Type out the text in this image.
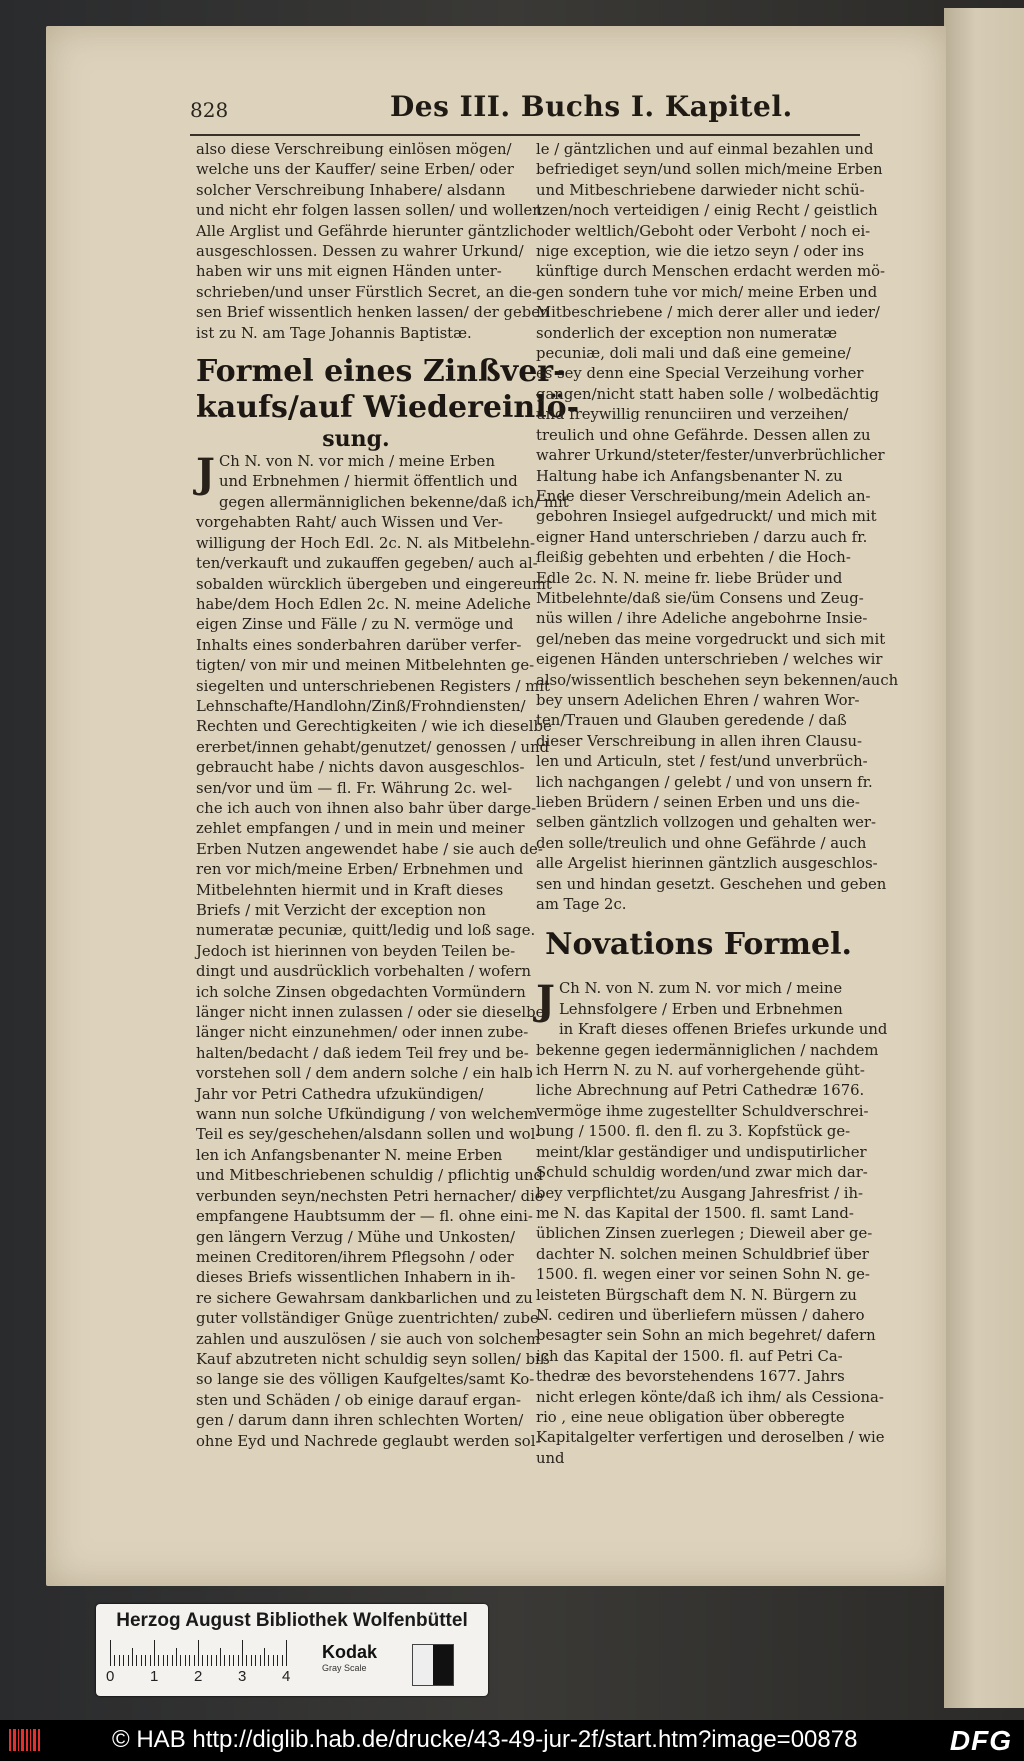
828	Des III. Buchs I. Kapitel.
also diese Verschreibung einlösen mögen/
welche uns der Kauffer/ seine Erben/ oder
solcher Verschreibung Inhabere/ alsdann
und nicht ehr folgen lassen sollen/ und wollen.
Alle Arglist und Gefährde hierunter gäntzlich
ausgeschlossen. Dessen zu wahrer Urkund/
haben wir uns mit eignen Händen unter-
schrieben/und unser Fürstlich Secret, an die-
sen Brief wissentlich henken lassen/ der geben
ist zu N. am Tage Johannis Baptistæ.
Formel eines Zinßver-
kaufs/auf Wiedereinlö-
sung.
J Ch N. von N. vor mich / meine Erben
und Erbnehmen / hiermit öffentlich und
gegen allermänniglichen bekenne/daß ich/ mit
vorgehabten Raht/ auch Wissen und Ver-
willigung der Hoch Edl. 2c. N. als Mitbelehn-
ten/verkauft und zukauffen gegeben/ auch al-
sobalden würcklich übergeben und eingereumt
habe/dem Hoch Edlen 2c. N. meine Adeliche
eigen Zinse und Fälle / zu N. vermöge und
Inhalts eines sonderbahren darüber verfer-
tigten/ von mir und meinen Mitbelehnten ge-
siegelten und unterschriebenen Registers / mit
Lehnschafte/Handlohn/Zinß/Frohndiensten/
Rechten und Gerechtigkeiten / wie ich dieselbe
ererbet/innen gehabt/genutzet/ genossen / und
gebraucht habe / nichts davon ausgeschlos-
sen/vor und üm — fl. Fr. Währung 2c. wel-
che ich auch von ihnen also bahr über darge-
zehlet empfangen / und in mein und meiner
Erben Nutzen angewendet habe / sie auch de-
ren vor mich/meine Erben/ Erbnehmen und
Mitbelehnten hiermit und in Kraft dieses
Briefs / mit Verzicht der exception non
numeratæ pecuniæ, quitt/ledig und loß sage.
Jedoch ist hierinnen von beyden Teilen be-
dingt und ausdrücklich vorbehalten / wofern
ich solche Zinsen obgedachten Vormündern
länger nicht innen zulassen / oder sie dieselbe
länger nicht einzunehmen/ oder innen zube-
halten/bedacht / daß iedem Teil frey und be-
vorstehen soll / dem andern solche / ein halb
Jahr vor Petri Cathedra ufzukündigen/
wann nun solche Ufkündigung / von welchem
Teil es sey/geschehen/alsdann sollen und wol-
len ich Anfangsbenanter N. meine Erben
und Mitbeschriebenen schuldig / pflichtig und
verbunden seyn/nechsten Petri hernacher/ die
empfangene Haubtsumm der — fl. ohne eini-
gen längern Verzug / Mühe und Unkosten/
meinen Creditoren/ihrem Pflegsohn / oder
dieses Briefs wissentlichen Inhabern in ih-
re sichere Gewahrsam dankbarlichen und zu
guter vollständiger Gnüge zuentrichten/ zube-
zahlen und auszulösen / sie auch von solchem
Kauf abzutreten nicht schuldig seyn sollen/ biß
so lange sie des völligen Kaufgeltes/samt Ko-
sten und Schäden / ob einige darauf ergan-
gen / darum dann ihren schlechten Worten/
ohne Eyd und Nachrede geglaubt werden sol-
le / gäntzlichen und auf einmal bezahlen und
befriediget seyn/und sollen mich/meine Erben
und Mitbeschriebene darwieder nicht schü-
tzen/noch verteidigen / einig Recht / geistlich
oder weltlich/Geboht oder Verboht / noch ei-
nige exception, wie die ietzo seyn / oder ins
künftige durch Menschen erdacht werden mö-
gen sondern tuhe vor mich/ meine Erben und
Mitbeschriebene / mich derer aller und ieder/
sonderlich der exception non numeratæ
pecuniæ, doli mali und daß eine gemeine/
es sey denn eine Special Verzeihung vorher
gangen/nicht statt haben solle / wolbedächtig
und freywillig renunciiren und verzeihen/
treulich und ohne Gefährde. Dessen allen zu
wahrer Urkund/steter/fester/unverbrüchlicher
Haltung habe ich Anfangsbenanter N. zu
Ende dieser Verschreibung/mein Adelich an-
gebohren Insiegel aufgedruckt/ und mich mit
eigner Hand unterschrieben / darzu auch fr.
fleißig gebehten und erbehten / die Hoch-
Edle 2c. N. N. meine fr. liebe Brüder und
Mitbelehnte/daß sie/üm Consens und Zeug-
nüs willen / ihre Adeliche angebohrne Insie-
gel/neben das meine vorgedruckt und sich mit
eigenen Händen unterschrieben / welches wir
also/wissentlich beschehen seyn bekennen/auch
bey unsern Adelichen Ehren / wahren Wor-
ten/Trauen und Glauben geredende / daß
dieser Verschreibung in allen ihren Clausu-
len und Articuln, stet / fest/und unverbrüch-
lich nachgangen / gelebt / und von unsern fr.
lieben Brüdern / seinen Erben und uns die-
selben gäntzlich vollzogen und gehalten wer-
den solle/treulich und ohne Gefährde / auch
alle Argelist hierinnen gäntzlich ausgeschlos-
sen und hindan gesetzt. Geschehen und geben
am Tage 2c.
Novations Formel.
J Ch N. von N. zum N. vor mich / meine
Lehnsfolgere / Erben und Erbnehmen
in Kraft dieses offenen Briefes urkunde und
bekenne gegen iedermänniglichen / nachdem
ich Herrn N. zu N. auf vorhergehende güht-
liche Abrechnung auf Petri Cathedræ 1676.
vermöge ihme zugestellter Schuldverschrei-
bung / 1500. fl. den fl. zu 3. Kopfstück ge-
meint/klar geständiger und undisputirlicher
Schuld schuldig worden/und zwar mich dar-
bey verpflichtet/zu Ausgang Jahresfrist / ih-
me N. das Kapital der 1500. fl. samt Land-
üblichen Zinsen zuerlegen ; Dieweil aber ge-
dachter N. solchen meinen Schuldbrief über
1500. fl. wegen einer vor seinen Sohn N. ge-
leisteten Bürgschaft dem N. N. Bürgern zu
N. cediren und überliefern müssen / dahero
besagter sein Sohn an mich begehret/ dafern
ich das Kapital der 1500. fl. auf Petri Ca-
thedræ des bevorstehendens 1677. Jahrs
nicht erlegen könte/daß ich ihm/ als Cessiona-
rio , eine neue obligation über obberegte
Kapitalgelter verfertigen und deroselben / wie
und
Herzog August Bibliothek Wolfenbüttel
0 1 2 3 4
Kodak
Gray Scale
© HAB http://diglib.hab.de/drucke/43-49-jur-2f/start.htm?image=00878	DFG
